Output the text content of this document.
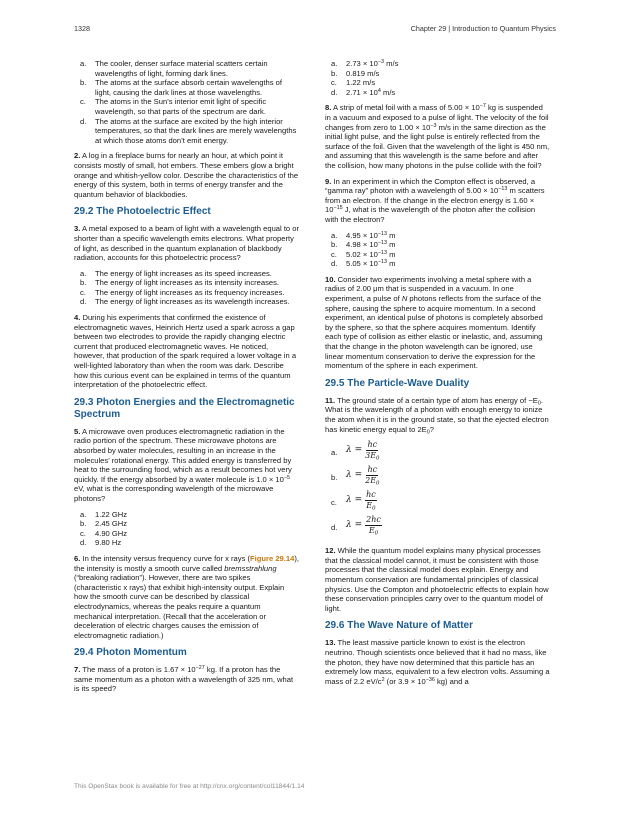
1328	Chapter 29 | Introduction to Quantum Physics
a. The cooler, denser surface material scatters certain wavelengths of light, forming dark lines.
b. The atoms at the surface absorb certain wavelengths of light, causing the dark lines at those wavelengths.
c. The atoms in the Sun’s interior emit light of specific wavelength, so that parts of the spectrum are dark.
d. The atoms at the surface are excited by the high interior temperatures, so that the dark lines are merely wavelengths at which those atoms don’t emit energy.

2. A log in a fireplace burns for nearly an hour, at which point it consists mostly of small, hot embers. These embers glow a bright orange and whitish-yellow color. Describe the characteristics of the energy of this system, both in terms of energy transfer and the quantum behavior of blackbodies.

29.2 The Photoelectric Effect

3. A metal exposed to a beam of light with a wavelength equal to or shorter than a specific wavelength emits electrons. What property of light, as described in the quantum explanation of blackbody radiation, accounts for this photoelectric process?

a. The energy of light increases as its speed increases.
b. The energy of light increases as its intensity increases.
c. The energy of light increases as its frequency increases.
d. The energy of light increases as its wavelength increases.

4. During his experiments that confirmed the existence of electromagnetic waves, Heinrich Hertz used a spark across a gap between two electrodes to provide the rapidly changing electric current that produced electromagnetic waves. He noticed, however, that production of the spark required a lower voltage in a well-lighted laboratory than when the room was dark. Describe how this curious event can be explained in terms of the quantum interpretation of the photoelectric effect.

29.3 Photon Energies and the Electromagnetic Spectrum

5. A microwave oven produces electromagnetic radiation in the radio portion of the spectrum. These microwave photons are absorbed by water molecules, resulting in an increase in the molecules’ rotational energy. This added energy is transferred by heat to the surrounding food, which as a result becomes hot very quickly. If the energy absorbed by a water molecule is $1.0 \times 10^{-5}$ eV, what is the corresponding wavelength of the microwave photons?

a. 1.22 GHz
b. 2.45 GHz
c. 4.90 GHz
d. 9.80 Hz

6. In the intensity versus frequency curve for x rays (Figure 29.14), the intensity is mostly a smooth curve called bremsstrahlung (“breaking radiation”). However, there are two spikes (characteristic x rays) that exhibit high-intensity output. Explain how the smooth curve can be described by classical electrodynamics, whereas the peaks require a quantum mechanical interpretation. (Recall that the acceleration or deceleration of electric charges causes the emission of electromagnetic radiation.)

29.4 Photon Momentum

7. The mass of a proton is $1.67 \times 10^{-27}$ kg. If a proton has the same momentum as a photon with a wavelength of 325 nm, what is its speed?

a. $2.73 \times 10^{-3}$ m/s
b. 0.819 m/s
c. 1.22 m/s
d. $2.71 \times 10^4$ m/s

8. A strip of metal foil with a mass of $5.00 \times 10^{-7}$ kg is suspended in a vacuum and exposed to a pulse of light. The velocity of the foil changes from zero to $1.00 \times 10^{-3}$ m/s in the same direction as the initial light pulse, and the light pulse is entirely reflected from the surface of the foil. Given that the wavelength of the light is 450 nm, and assuming that this wavelength is the same before and after the collision, how many photons in the pulse collide with the foil?

9. In an experiment in which the Compton effect is observed, a “gamma ray” photon with a wavelength of $5.00 \times 10^{-13}$ m scatters from an electron. If the change in the electron energy is $1.60 \times 10^{-15}$ J, what is the wavelength of the photon after the collision with the electron?

a. $4.95 \times 10^{-13}$ m
b. $4.98 \times 10^{-13}$ m
c. $5.02 \times 10^{-13}$ m
d. $5.05 \times 10^{-13}$ m

10. Consider two experiments involving a metal sphere with a radius of 2.00 μm that is suspended in a vacuum. In one experiment, a pulse of N photons reflects from the surface of the sphere, causing the sphere to acquire momentum. In a second experiment, an identical pulse of photons is completely absorbed by the sphere, so that the sphere acquires momentum. Identify each type of collision as either elastic or inelastic, and, assuming that the change in the photon wavelength can be ignored, use linear momentum conservation to derive the expression for the momentum of the sphere in each experiment.

29.5 The Particle-Wave Duality

11. The ground state of a certain type of atom has energy of $-E_0$. What is the wavelength of a photon with enough energy to ionize the atom when it is in the ground state, so that the ejected electron has kinetic energy equal to $2E_0$?

a. $\lambda = \frac{hc}{3E_0}$
b. $\lambda = \frac{hc}{2E_0}$
c. $\lambda = \frac{hc}{E_0}$
d. $\lambda = \frac{2hc}{E_0}$

12. While the quantum model explains many physical processes that the classical model cannot, it must be consistent with those processes that the classical model does explain. Energy and momentum conservation are fundamental principles of classical physics. Use the Compton and photoelectric effects to explain how these conservation principles carry over to the quantum model of light.

29.6 The Wave Nature of Matter

13. The least massive particle known to exist is the electron neutrino. Though scientists once believed that it had no mass, like the photon, they have now determined that this particle has an extremely low mass, equivalent to a few electron volts. Assuming a mass of 2.2 $eV/c^2$ (or $3.9 \times 10^{-36}$ kg) and a

This OpenStax book is available for free at http://cnx.org/content/col11844/1.14
